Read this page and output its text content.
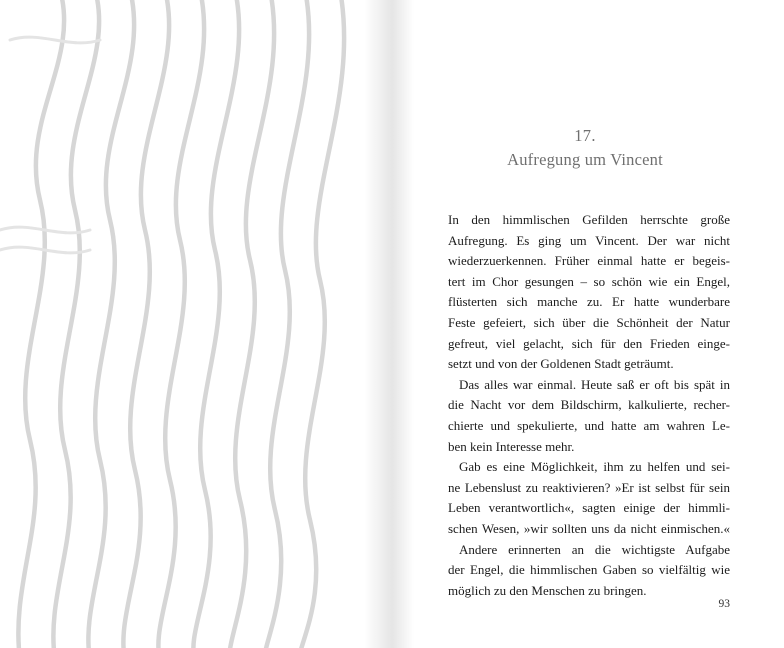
17.
Aufregung um Vincent
In den himmlischen Gefilden herrschte große
Aufregung. Es ging um Vincent. Der war nicht
wiederzuerkennen. Früher einmal hatte er begeis-
tert im Chor gesungen – so schön wie ein Engel,
flüsterten sich manche zu. Er hatte wunderbare
Feste gefeiert, sich über die Schönheit der Natur
gefreut, viel gelacht, sich für den Frieden einge-
setzt und von der Goldenen Stadt geträumt.
Das alles war einmal. Heute saß er oft bis spät in
die Nacht vor dem Bildschirm, kalkulierte, recher-
chierte und spekulierte, und hatte am wahren Le-
ben kein Interesse mehr.
Gab es eine Möglichkeit, ihm zu helfen und sei-
ne Lebenslust zu reaktivieren? »Er ist selbst für sein
Leben verantwortlich«, sagten einige der himmli-
schen Wesen, »wir sollten uns da nicht einmischen.«
Andere erinnerten an die wichtigste Aufgabe
der Engel, die himmlischen Gaben so vielfältig wie
möglich zu den Menschen zu bringen.
93
